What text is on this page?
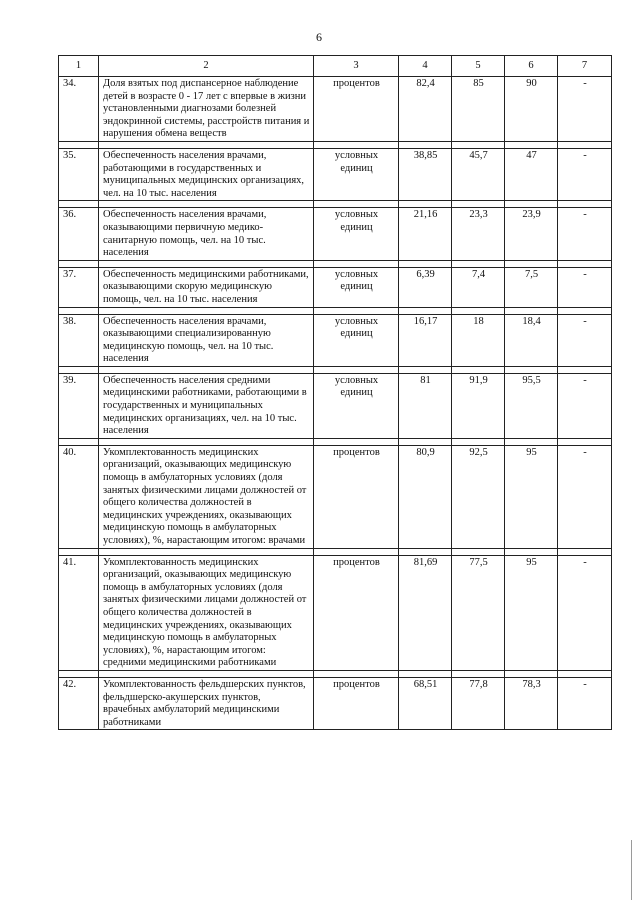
6
1	2	3	4	5	6	7
34.	Доля взятых под диспансерное наблюдение детей в возрасте 0 - 17 лет с впервые в жизни установленными диагнозами болезней эндокринной системы, расстройств питания и нарушения обмена веществ	процентов	82,4	85	90	-

35.	Обеспеченность населения врачами, работающими в государственных и муниципальных медицинских организациях, чел. на 10 тыс. населения	условных единиц	38,85	45,7	47	-

36.	Обеспеченность населения врачами, оказывающими первичную медико-санитарную помощь, чел. на 10 тыс. населения	условных единиц	21,16	23,3	23,9	-

37.	Обеспеченность медицинскими работниками, оказывающими скорую медицинскую помощь, чел. на 10 тыс. населения	условных единиц	6,39	7,4	7,5	-

38.	Обеспеченность населения врачами, оказывающими специализированную медицинскую помощь, чел. на 10 тыс. населения	условных единиц	16,17	18	18,4	-

39.	Обеспеченность населения средними медицинскими работниками, работающими в государственных и муниципальных медицинских организациях, чел. на 10 тыс. населения	условных единиц	81	91,9	95,5	-

40.	Укомплектованность медицинских организаций, оказывающих медицинскую помощь в амбулаторных условиях (доля занятых физическими лицами должностей от общего количества должностей в медицинских учреждениях, оказывающих медицинскую помощь в амбулаторных условиях), %, нарастающим итогом: врачами	процентов	80,9	92,5	95	-

41.	Укомплектованность медицинских организаций, оказывающих медицинскую помощь в амбулаторных условиях (доля занятых физическими лицами должностей от общего количества должностей в медицинских учреждениях, оказывающих медицинскую помощь в амбулаторных условиях), %, нарастающим итогом: средними медицинскими работниками	процентов	81,69	77,5	95	-

42.	Укомплектованность фельдшерских пунктов, фельдшерско-акушерских пунктов, врачебных амбулаторий медицинскими работниками	процентов	68,51	77,8	78,3	-
